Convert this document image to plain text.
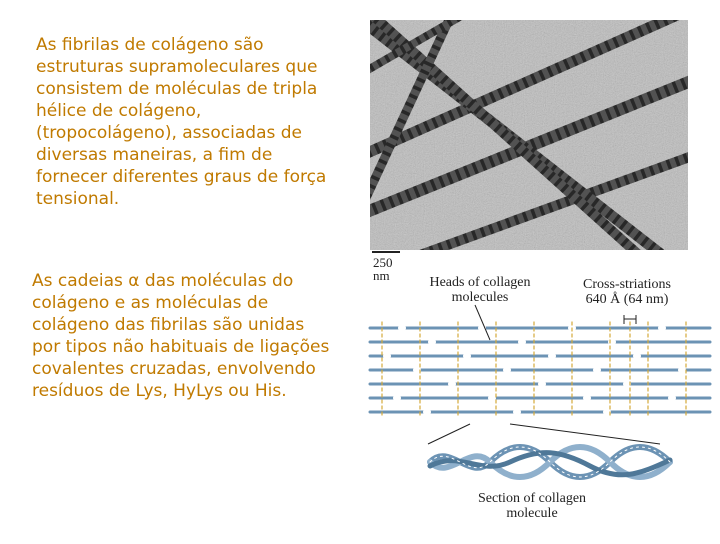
As fibrilas de colágeno são estruturas supramoleculares que consistem de moléculas de tripla hélice de colágeno, (tropocolágeno), associadas de diversas maneiras, a fim de fornecer diferentes graus de força tensional.

As cadeias α das moléculas do colágeno e as moléculas de colágeno das fibrilas são unidas por tipos não habituais de ligações covalentes cruzadas, envolvendo resíduos de Lys, HyLys ou His.

250
nm	Heads of collagen
molecules
Cross-striations
640 Å (64 nm)
Section of collagen
molecule
